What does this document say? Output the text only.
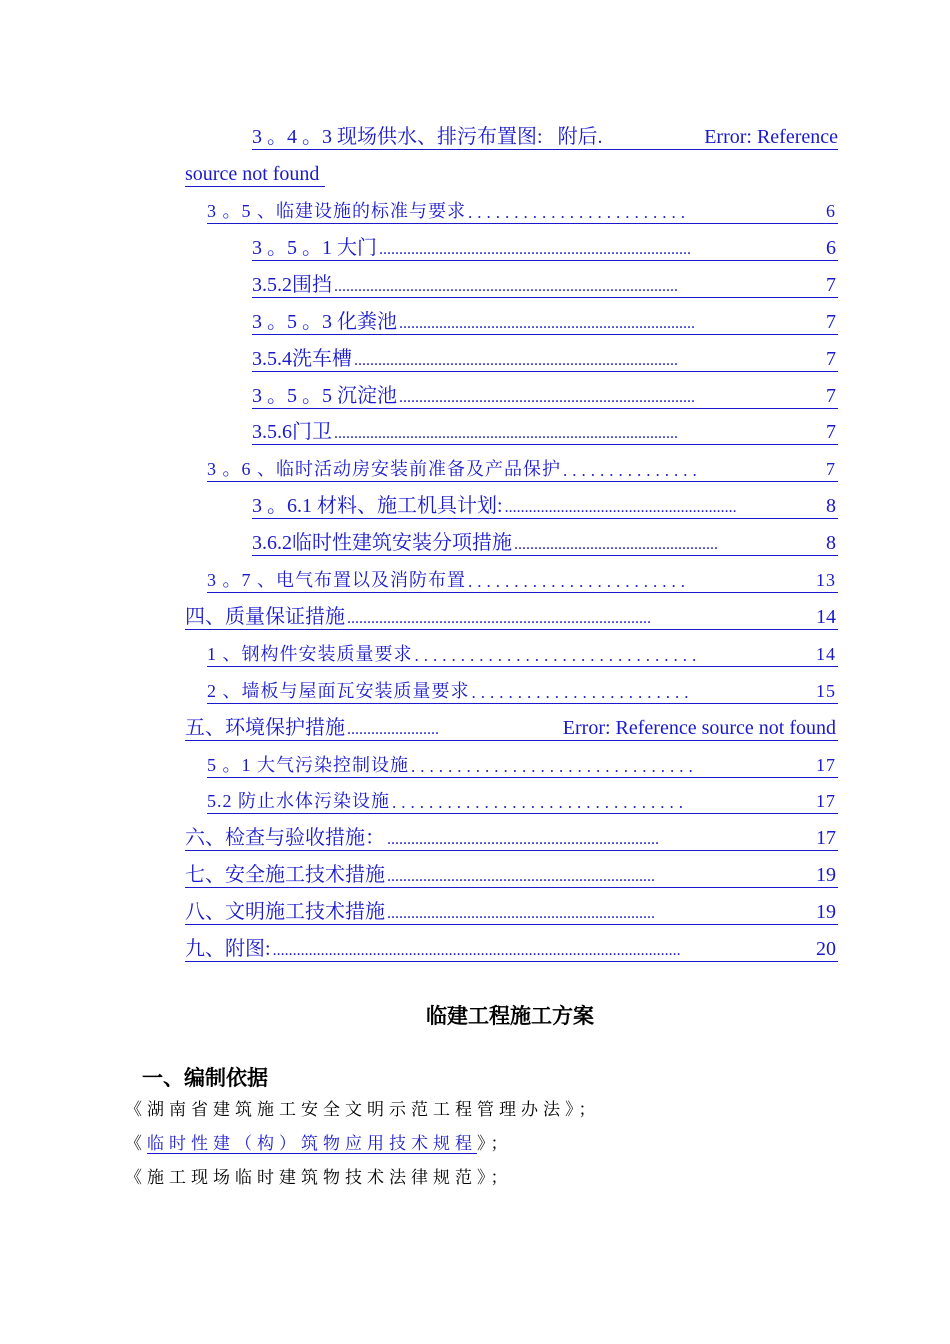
3 。4 。3 现场供水、排污布置图: 附后.	Error: Reference
source not found
3 。5 、临建设施的标准与要求 ........................	6
3 。5 。1 大门 ..............................................................................	6
3.5.2围挡 ......................................................................................	7
3 。5 。3 化粪池 ..........................................................................	7
3.5.4洗车槽 .................................................................................	7
3 。5 。5 沉淀池 ..........................................................................	7
3.5.6门卫 ......................................................................................	7
3 。6 、临时活动房安装前准备及产品保护 ...............	7
3 。6.1 材料、施工机具计划: ..........................................................	8
3.6.2临时性建筑安装分项措施 ...................................................	8
3 。7 、电气布置以及消防布置 ........................	13
四、质量保证措施 ............................................................................	14
1 、钢构件安装质量要求 ...............................	14
2 、墙板与屋面瓦安装质量要求 ........................	15
五、环境保护措施 .......................	Error: Reference source not found
5 。1 大气污染控制设施 ...............................	17
5.2 防止水体污染设施 ................................	17
六、检查与验收措施： ....................................................................	17
七、安全施工技术措施 ...................................................................	19
八、文明施工技术措施 ...................................................................	19
九、附图: ......................................................................................................	20
临建工程施工方案
一、编制依据
《湖南省建筑施工安全文明示范工程管理办法》；
《临时性建（构）筑物应用技术规程》；
《施工现场临时建筑物技术法律规范》；
